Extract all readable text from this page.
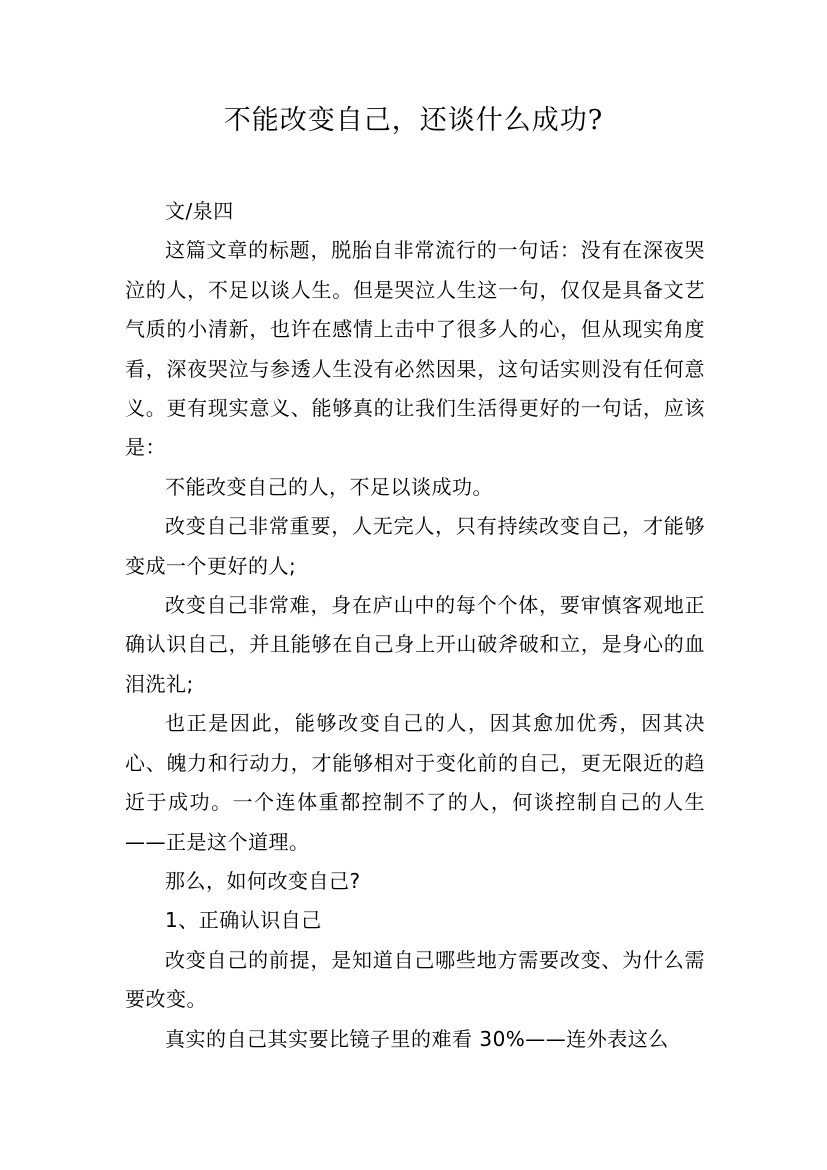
不能改变自己，还谈什么成功?

文/泉四

这篇文章的标题，脱胎自非常流行的一句话：没有在深夜哭泣的人，不足以谈人生。但是哭泣人生这一句，仅仅是具备文艺气质的小清新，也许在感情上击中了很多人的心，但从现实角度看，深夜哭泣与参透人生没有必然因果，这句话实则没有任何意义。更有现实意义、能够真的让我们生活得更好的一句话，应该是：

不能改变自己的人，不足以谈成功。

改变自己非常重要，人无完人，只有持续改变自己，才能够变成一个更好的人;

改变自己非常难，身在庐山中的每个个体，要审慎客观地正确认识自己，并且能够在自己身上开山破斧破和立，是身心的血泪洗礼;

也正是因此，能够改变自己的人，因其愈加优秀，因其决心、魄力和行动力，才能够相对于变化前的自己，更无限近的趋近于成功。一个连体重都控制不了的人，何谈控制自己的人生——正是这个道理。

那么，如何改变自己?

1、正确认识自己

改变自己的前提，是知道自己哪些地方需要改变、为什么需要改变。

真实的自己其实要比镜子里的难看 30%——连外表这么
